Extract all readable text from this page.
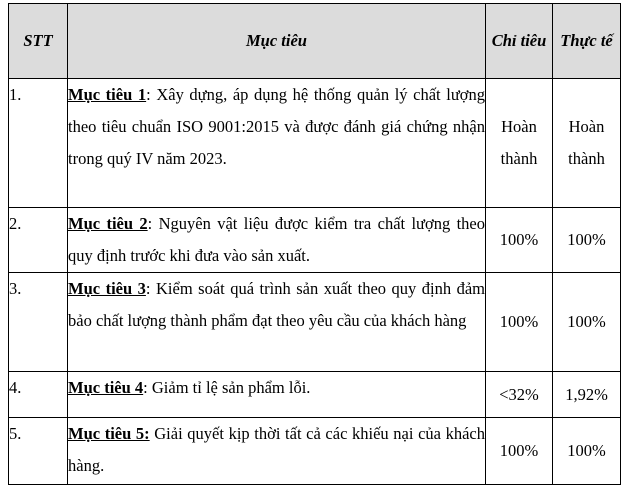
STT	Mục tiêu	Chỉ tiêu	Thực tế
1.	Mục tiêu 1: Xây dựng, áp dụng hệ thống quản lý chất lượng theo tiêu chuẩn ISO 9001:2015 và được đánh giá chứng nhận trong quý IV năm 2023.	Hoàn thành	Hoàn thành
2.	Mục tiêu 2: Nguyên vật liệu được kiểm tra chất lượng theo quy định trước khi đưa vào sản xuất.	100%	100%
3.	Mục tiêu 3: Kiểm soát quá trình sản xuất theo quy định đảm bảo chất lượng thành phẩm đạt theo yêu cầu của khách hàng	100%	100%
4.	Mục tiêu 4: Giảm tỉ lệ sản phẩm lỗi.	<32%	1,92%
5.	Mục tiêu 5: Giải quyết kịp thời tất cả các khiếu nại của khách hàng.	100%	100%
